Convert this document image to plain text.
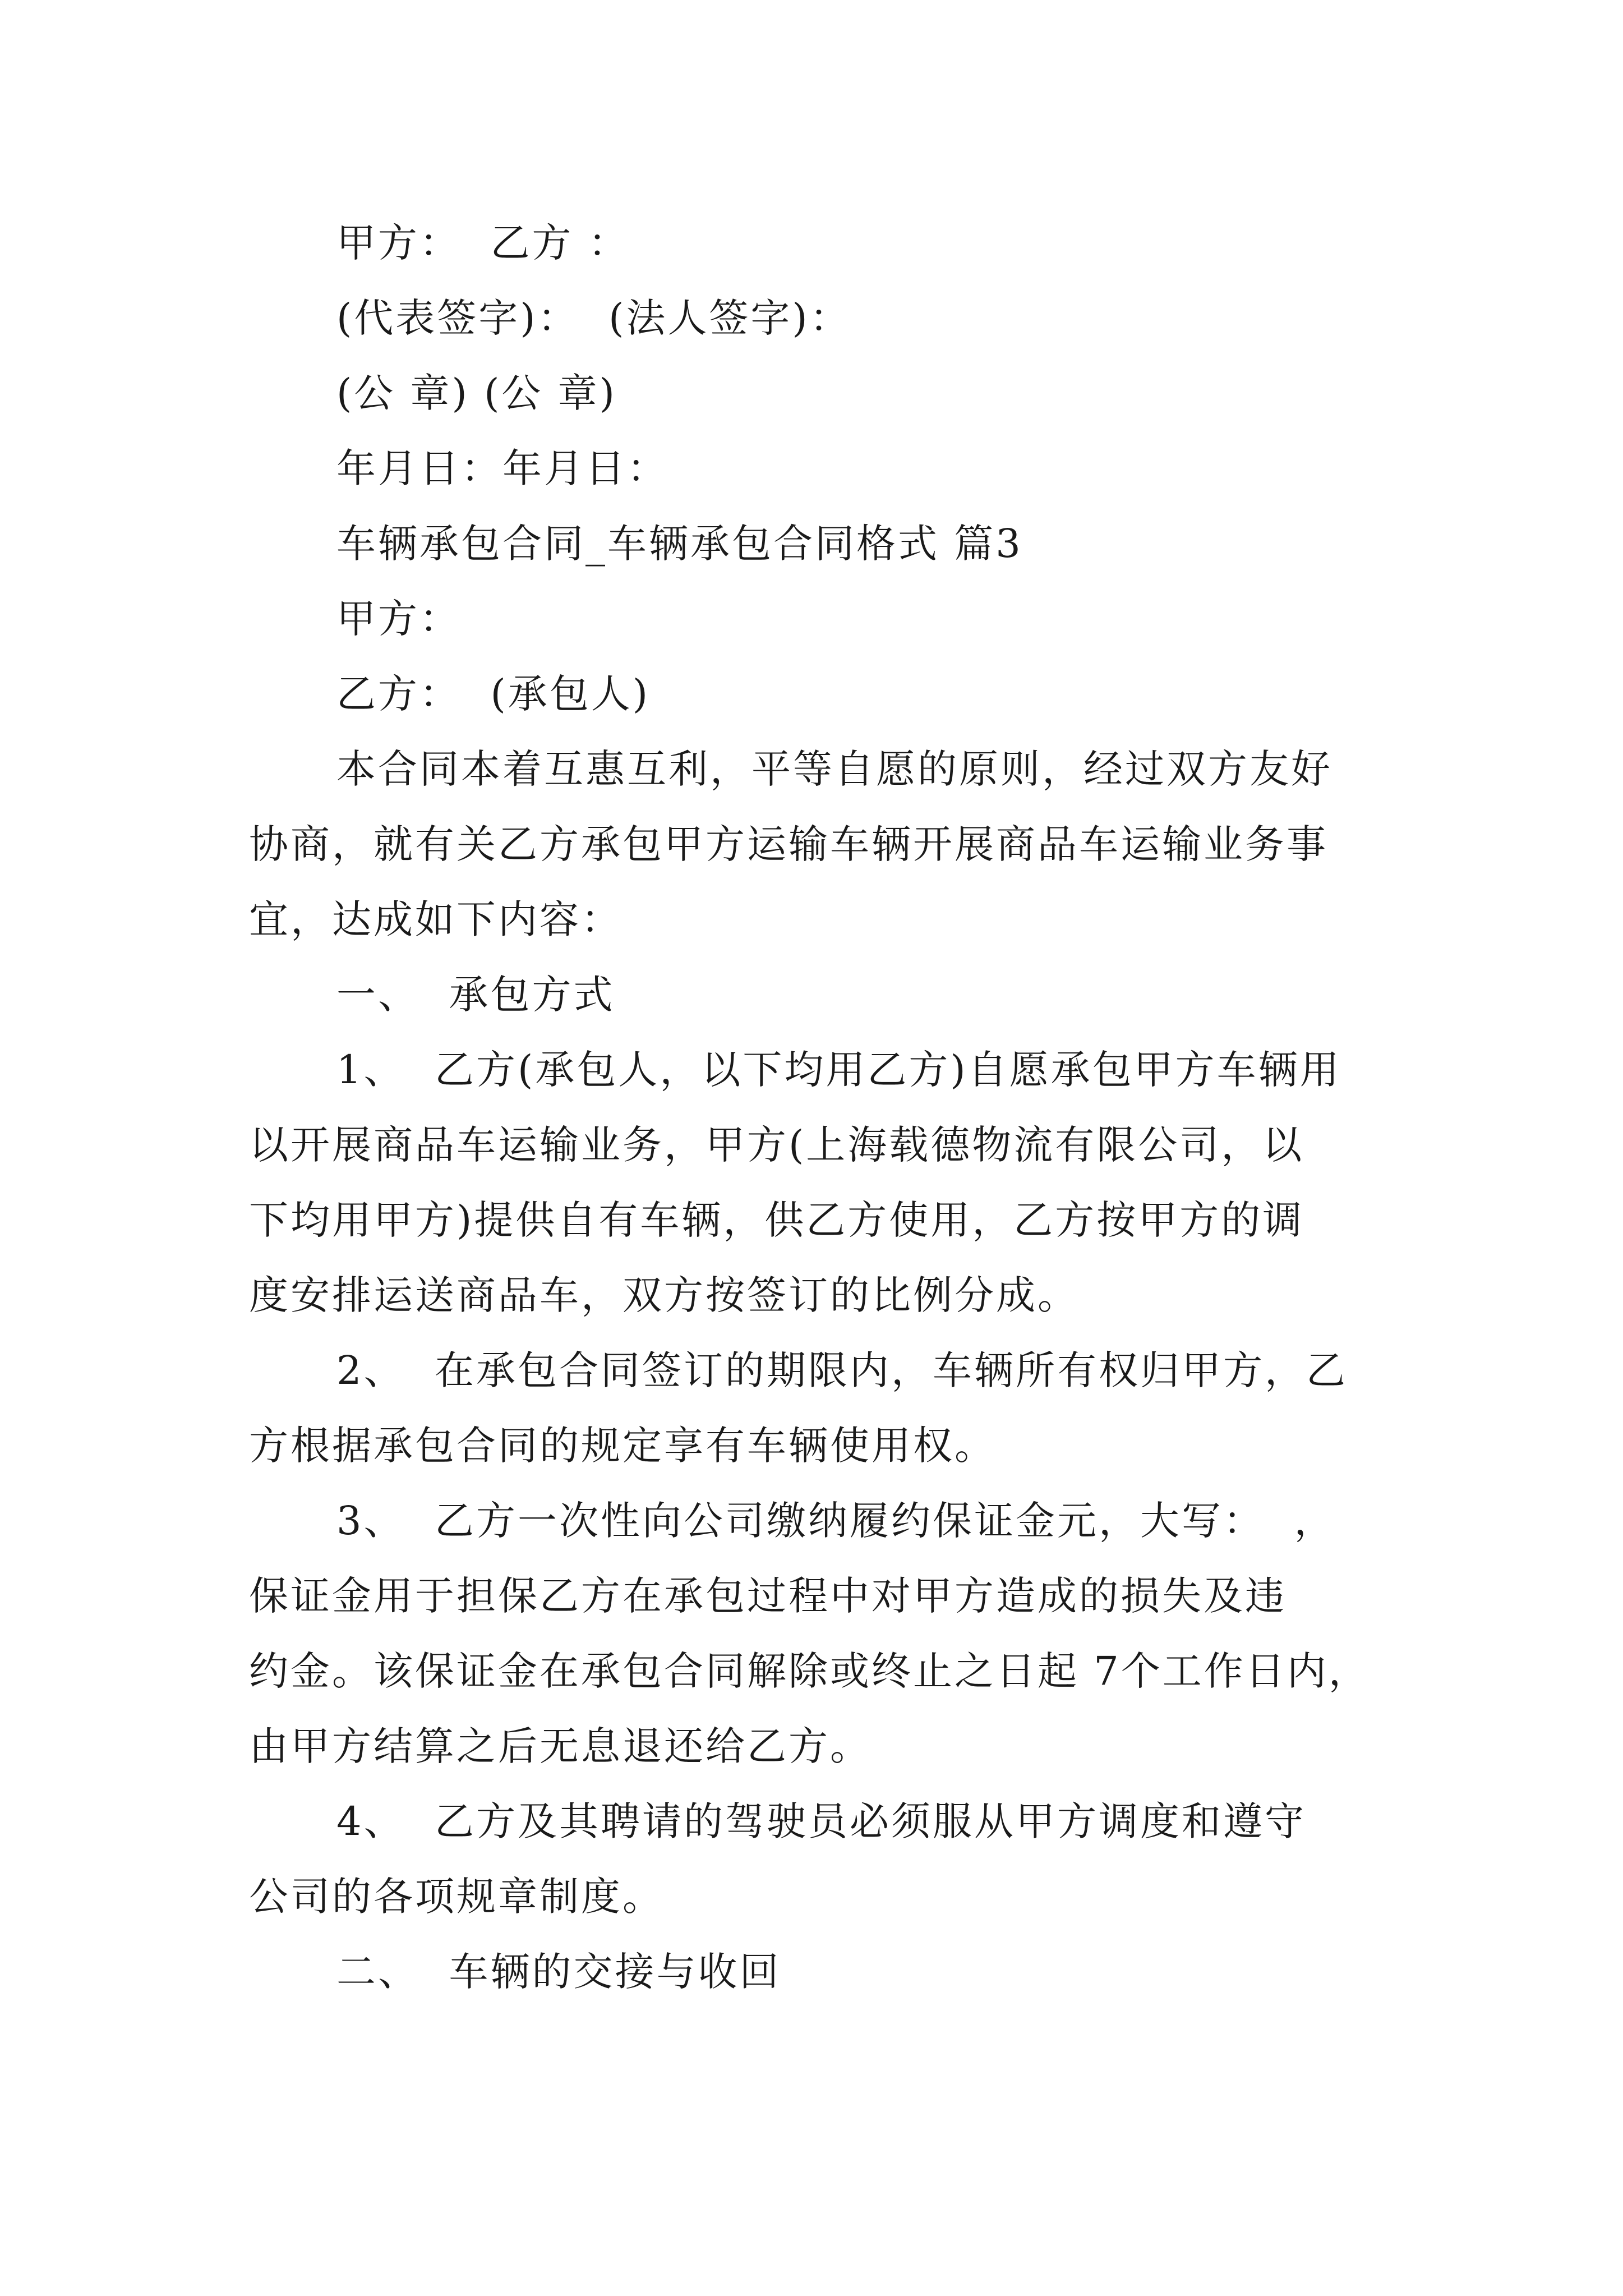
甲方：  乙方 ：
(代表签字)：  (法人签字)：
(公 章) (公 章)
年月日：年月日：
车辆承包合同_车辆承包合同格式 篇3
甲方：
乙方：  (承包人)
本合同本着互惠互利，平等自愿的原则，经过双方友好
协商，就有关乙方承包甲方运输车辆开展商品车运输业务事
宜，达成如下内容：
一、  承包方式
1、  乙方(承包人，以下均用乙方)自愿承包甲方车辆用
以开展商品车运输业务，甲方(上海载德物流有限公司，以
下均用甲方)提供自有车辆，供乙方使用，乙方按甲方的调
度安排运送商品车，双方按签订的比例分成。
2、  在承包合同签订的期限内，车辆所有权归甲方，乙
方根据承包合同的规定享有车辆使用权。
3、  乙方一次性向公司缴纳履约保证金元，大写：  ，
保证金用于担保乙方在承包过程中对甲方造成的损失及违
约金。该保证金在承包合同解除或终止之日起 7个工作日内，
由甲方结算之后无息退还给乙方。
4、  乙方及其聘请的驾驶员必须服从甲方调度和遵守
公司的各项规章制度。
二、  车辆的交接与收回
